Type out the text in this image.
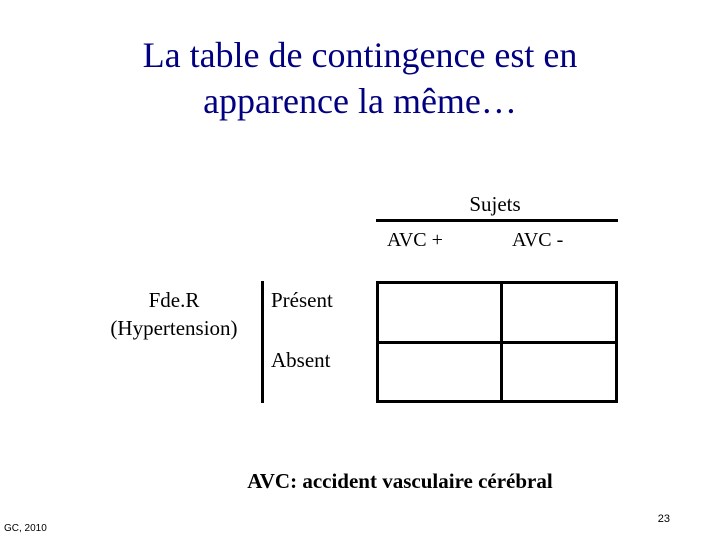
La table de contingence est en
apparence la même…
Sujets
AVC +	AVC -
Fde.R
(Hypertension)
Présent
Absent
AVC: accident vasculaire cérébral
GC, 2010
23
